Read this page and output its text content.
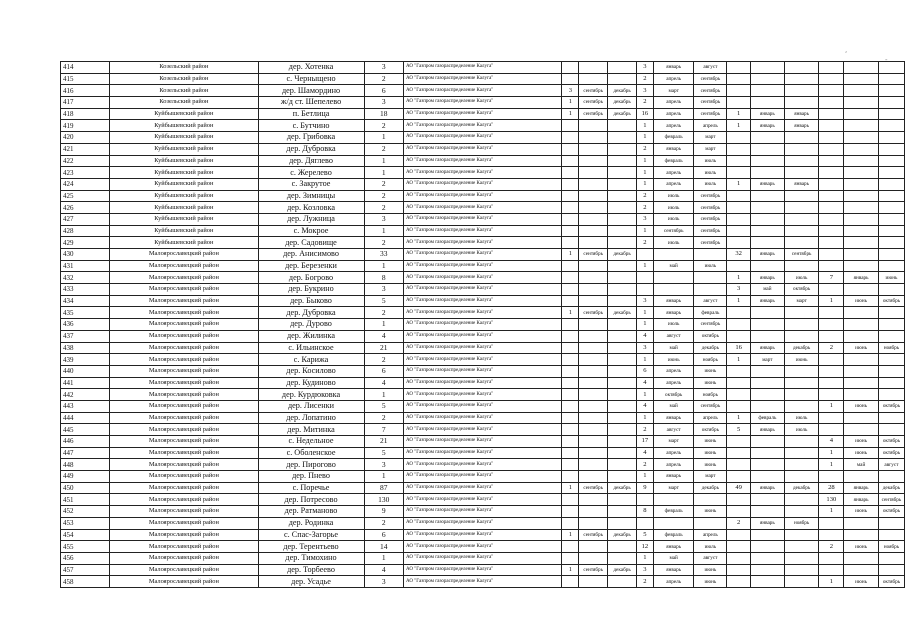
,
-
414	Козельский район	дер. Хотенка	3	АО "Газпром газораспределение Калуга"				3	январь	август						
415	Козельский район	с. Черныщено	2	АО "Газпром газораспределение Калуга"				2	апрель	сентябрь						
416	Козельский район	дер. Шамордино	6	АО "Газпром газораспределение Калуга"	3	сентябрь	декабрь	3	март	сентябрь						
417	Козельский район	ж/д ст. Шепелево	3	АО "Газпром газораспределение Калуга"	1	сентябрь	декабрь	2	апрель	сентябрь						
418	Куйбышевский район	п. Бетлица	18	АО "Газпром газораспределение Калуга"	1	сентябрь	декабрь	16	апрель	сентябрь	1	январь	январь			
419	Куйбышевский район	с. Бутчино	2	АО "Газпром газораспределение Калуга"				1	апрель	апрель	1	январь	январь			
420	Куйбышевский район	дер. Грибовка	1	АО "Газпром газораспределение Калуга"				1	февраль	март						
421	Куйбышевский район	дер. Дубровка	2	АО "Газпром газораспределение Калуга"				2	январь	март						
422	Куйбышевский район	дер. Дяглево	1	АО "Газпром газораспределение Калуга"				1	февраль	июль						
423	Куйбышевский район	с. Жерелево	1	АО "Газпром газораспределение Калуга"				1	апрель	июль						
424	Куйбышевский район	с. Закрутое	2	АО "Газпром газораспределение Калуга"				1	апрель	июль	1	январь	январь			
425	Куйбышевский район	дер. Зимницы	2	АО "Газпром газораспределение Калуга"				2	июль	сентябрь						
426	Куйбышевский район	дер. Козловка	2	АО "Газпром газораспределение Калуга"				2	июль	сентябрь						
427	Куйбышевский район	дер. Лужница	3	АО "Газпром газораспределение Калуга"				3	июль	сентябрь						
428	Куйбышевский район	с. Мокрое	1	АО "Газпром газораспределение Калуга"				1	сентябрь	сентябрь						
429	Куйбышевский район	дер. Садовище	2	АО "Газпром газораспределение Калуга"				2	июль	сентябрь						
430	Малоярославецкий район	дер. Анисимово	33	АО "Газпром газораспределение Калуга"	1	сентябрь	декабрь				32	январь	сентябрь			
431	Малоярославецкий район	дер. Березенки	1	АО "Газпром газораспределение Калуга"				1	май	июль						
432	Малоярославецкий район	дер. Богрово	8	АО "Газпром газораспределение Калуга"							1	январь	июль	7	январь	июнь
433	Малоярославецкий район	дер. Букрино	3	АО "Газпром газораспределение Калуга"							3	май	октябрь			
434	Малоярославецкий район	дер. Быково	5	АО "Газпром газораспределение Калуга"				3	январь	август	1	январь	март	1	июнь	октябрь
435	Малоярославецкий район	дер. Дубровка	2	АО "Газпром газораспределение Калуга"	1	сентябрь	декабрь	1	январь	февраль						
436	Малоярославецкий район	дер. Дурово	1	АО "Газпром газораспределение Калуга"				1	июль	сентябрь						
437	Малоярославецкий район	дер. Жилинка	4	АО "Газпром газораспределение Калуга"				4	август	октябрь						
438	Малоярославецкий район	с. Ильинское	21	АО "Газпром газораспределение Калуга"				3	май	декабрь	16	январь	декабрь	2	июнь	ноябрь
439	Малоярославецкий район	с. Карижа	2	АО "Газпром газораспределение Калуга"				1	июнь	ноябрь	1	март	июнь			
440	Малоярославецкий район	дер. Косилово	6	АО "Газпром газораспределение Калуга"				6	апрель	июнь						
441	Малоярославецкий район	дер. Кудиново	4	АО "Газпром газораспределение Калуга"				4	апрель	июнь						
442	Малоярославецкий район	дер. Курдюковка	1	АО "Газпром газораспределение Калуга"				1	октябрь	ноябрь						
443	Малоярославецкий район	дер. Лисенки	5	АО "Газпром газораспределение Калуга"				4	май	сентябрь				1	июнь	октябрь
444	Малоярославецкий район	дер. Лопатино	2	АО "Газпром газораспределение Калуга"				1	январь	апрель	1	февраль	июль			
445	Малоярославецкий район	дер. Митинка	7	АО "Газпром газораспределение Калуга"				2	август	октябрь	5	январь	июль			
446	Малоярославецкий район	с. Недельное	21	АО "Газпром газораспределение Калуга"				17	март	июнь				4	июнь	октябрь
447	Малоярославецкий район	с. Оболенское	5	АО "Газпром газораспределение Калуга"				4	апрель	июнь				1	июнь	октябрь
448	Малоярославецкий район	дер. Пирогово	3	АО "Газпром газораспределение Калуга"				2	апрель	июнь				1	май	август
449	Малоярославецкий район	дер. Пнево	1	АО "Газпром газораспределение Калуга"				1	январь	март						
450	Малоярославецкий район	с. Поречье	87	АО "Газпром газораспределение Калуга"	1	сентябрь	декабрь	9	март	декабрь	49	январь	декабрь	28	январь	декабрь
451	Малоярославецкий район	дер. Потресово	130	АО "Газпром газораспределение Калуга"										130	январь	сентябрь
452	Малоярославецкий район	дер. Ратманово	9	АО "Газпром газораспределение Калуга"				8	февраль	июнь				1	июнь	октябрь
453	Малоярославецкий район	дер. Родинка	2	АО "Газпром газораспределение Калуга"							2	январь	ноябрь			
454	Малоярославецкий район	с. Спас-Загорье	6	АО "Газпром газораспределение Калуга"	1	сентябрь	декабрь	5	февраль	апрель						
455	Малоярославецкий район	дер. Терентьево	14	АО "Газпром газораспределение Калуга"				12	январь	июль				2	июнь	ноябрь
456	Малоярославецкий район	дер. Тимохино	1	АО "Газпром газораспределение Калуга"				1	май	август						
457	Малоярославецкий район	дер. Торбеево	4	АО "Газпром газораспределение Калуга"	1	сентябрь	декабрь	3	январь	июнь						
458	Малоярославецкий район	дер. Усадье	3	АО "Газпром газораспределение Калуга"				2	апрель	июнь				1	июнь	октябрь
